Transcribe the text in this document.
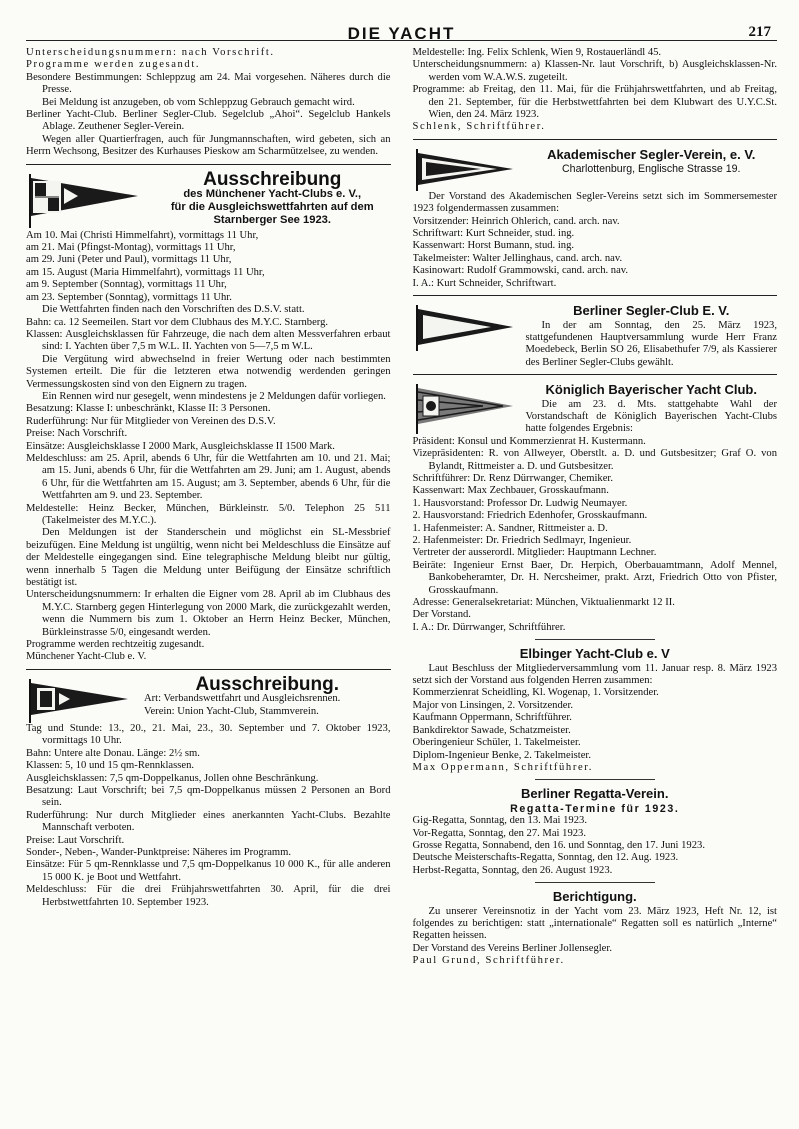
DIE YACHT	217

Unterscheidungsnummern: nach Vorschrift.

Programme werden zugesandt.

Besondere Bestimmungen: Schleppzug am 24. Mai vorgesehen. Näheres durch die Presse.

Bei Meldung ist anzugeben, ob vom Schleppzug Gebrauch gemacht wird.

Berliner Yacht-Club. Berliner Segler-Club. Segelclub „Ahoi“. Segelclub Hankels Ablage. Zeuthener Segler-Verein.

Wegen aller Quartierfragen, auch für Jungmannschaften, wird gebeten, sich an Herrn Wechsong, Besitzer des Kurhauses Pieskow am Scharmützelsee, zu wenden.

Ausschreibung
des Münchener Yacht-Clubs e. V.,
für die Ausgleichswettfahrten auf dem
Starnberger See 1923.
Am 10. Mai (Christi Himmelfahrt), vormittags 11 Uhr,
am 21. Mai (Pfingst-Montag), vormittags 11 Uhr,
am 29. Juni (Peter und Paul), vormittags 11 Uhr,
am 15. August (Maria Himmelfahrt), vormittags 11 Uhr,
am 9. September (Sonntag), vormittags 11 Uhr,
am 23. September (Sonntag), vormittags 11 Uhr.

Die Wettfahrten finden nach den Vorschriften des D.S.V. statt.

Bahn: ca. 12 Seemeilen. Start vor dem Clubhaus des M.Y.C. Starnberg.

Klassen: Ausgleichsklassen für Fahrzeuge, die nach dem alten Messverfahren erbaut sind: I. Yachten über 7,5 m W.L. II. Yachten von 5—7,5 m W.L.

Die Vergütung wird abwechselnd in freier Wertung oder nach bestimmten Systemen erteilt. Die für die letzteren etwa notwendig werdenden geringen Vermessungskosten sind von den Eignern zu tragen.

Ein Rennen wird nur gesegelt, wenn mindestens je 2 Meldungen dafür vorliegen.

Besatzung: Klasse I: unbeschränkt, Klasse II: 3 Personen.

Ruderführung: Nur für Mitglieder von Vereinen des D.S.V.

Preise: Nach Vorschrift.

Einsätze: Ausgleichsklasse I 2000 Mark, Ausgleichsklasse II 1500 Mark.

Meldeschluss: am 25. April, abends 6 Uhr, für die Wettfahrten am 10. und 21. Mai; am 15. Juni, abends 6 Uhr, für die Wettfahrten am 29. Juni; am 1. August, abends 6 Uhr, für die Wettfahrten am 15. August; am 3. September, abends 6 Uhr, für die Wettfahrten am 9. und 23. September.

Meldestelle: Heinz Becker, München, Bürkleinstr. 5/0. Telephon 25 511 (Takelmeister des M.Y.C.).

Den Meldungen ist der Standerschein und möglichst ein SL-Messbrief beizufügen. Eine Meldung ist ungültig, wenn nicht bei Meldeschluss die Einsätze auf der Meldestelle eingegangen sind. Eine telegraphische Meldung bleibt nur gültig, wenn innerhalb 5 Tagen die Meldung unter Beifügung der Einsätze schriftlich bestätigt ist.

Unterscheidungsnummern: Ir erhalten die Eigner vom 28. April ab im Clubhaus des M.Y.C. Starnberg gegen Hinterlegung von 2000 Mark, die zurückgezahlt werden, wenn die Nummern bis zum 1. Oktober an Herrn Heinz Becker, München, Bürkleinstrasse 5/0, eingesandt werden.

Programme werden rechtzeitig zugesandt.

Münchener Yacht-Club e. V.

Ausschreibung.

Art: Verbandswettfahrt und Ausgleichsrennen.

Verein: Union Yacht-Club, Stammverein.

Tag und Stunde: 13., 20., 21. Mai, 23., 30. September und 7. Oktober 1923, vormittags 10 Uhr.

Bahn: Untere alte Donau. Länge: 2½ sm.

Klassen: 5, 10 und 15 qm-Rennklassen.

Ausgleichsklassen: 7,5 qm-Doppelkanus, Jollen ohne Beschränkung.

Besatzung: Laut Vorschrift; bei 7,5 qm-Doppelkanus müssen 2 Personen an Bord sein.

Ruderführung: Nur durch Mitglieder eines anerkannten Yacht-Clubs. Bezahlte Mannschaft verboten.

Preise: Laut Vorschrift.

Sonder-, Neben-, Wander-Punktpreise: Näheres im Programm.

Einsätze: Für 5 qm-Rennklasse und 7,5 qm-Doppelkanus 10 000 K., für alle anderen 15 000 K. je Boot und Wettfahrt.

Meldeschluss: Für die drei Frühjahrswettfahrten 30. April, für die drei Herbstwettfahrten 10. September 1923.

Meldestelle: Ing. Felix Schlenk, Wien 9, Rostauerländl 45.

Unterscheidungsnummern: a) Klassen-Nr. laut Vorschrift, b) Ausgleichsklassen-Nr. werden vom W.A.W.S. zugeteilt.

Programme: ab Freitag, den 11. Mai, für die Frühjahrswettfahrten, und ab Freitag, den 21. September, für die Herbstwettfahrten bei dem Klubwart des U.Y.C.St. Wien, den 24. März 1923.

Schlenk, Schriftführer.

Akademischer Segler-Verein, e. V.
Charlottenburg, Englische Strasse 19.

Der Vorstand des Akademischen Segler-Vereins setzt sich im Sommersemester 1923 folgendermassen zusammen:

Vorsitzender: Heinrich Ohlerich, cand. arch. nav.
Schriftwart: Kurt Schneider, stud. ing.
Kassenwart: Horst Bumann, stud. ing.
Takelmeister: Walter Jellinghaus, cand. arch. nav.
Kasinowart: Rudolf Grammowski, cand. arch. nav.

I. A.: Kurt Schneider, Schriftwart.

Berliner Segler-Club E. V.

In der am Sonntag, den 25. März 1923, stattgefundenen Hauptversammlung wurde Herr Franz Moedebeck, Berlin SO 26, Elisabethufer 7/9, als Kassierer des Berliner Segler-Clubs gewählt.

Königlich Bayerischer Yacht Club.

Die am 23. d. Mts. stattgehabte Wahl der Vorstandschaft de Königlich Bayerischen Yacht-Clubs hatte folgendes Ergebnis:

Präsident: Konsul und Kommerzienrat H. Kustermann.

Vizepräsidenten: R. von Allweyer, Oberstlt. a. D. und Gutsbesitzer; Graf O. von Bylandt, Rittmeister a. D. und Gutsbesitzer.

Schriftführer: Dr. Renz Dürrwanger, Chemiker.

Kassenwart: Max Zechbauer, Grosskaufmann.

1. Hausvorstand: Professor Dr. Ludwig Neumayer.

2. Hausvorstand: Friedrich Edenhofer, Grosskaufmann.

1. Hafenmeister: A. Sandner, Rittmeister a. D.

2. Hafenmeister: Dr. Friedrich Sedlmayr, Ingenieur.

Vertreter der ausserordl. Mitglieder: Hauptmann Lechner.

Beiräte: Ingenieur Ernst Baer, Dr. Herpich, Oberbauamtmann, Adolf Mennel, Bankobeheramter, Dr. H. Nercsheimer, prakt. Arzt, Friedrich Otto von Pfister, Grosskaufmann.

Adresse: Generalsekretariat: München, Viktualienmarkt 12 II.

Der Vorstand.

I. A.: Dr. Dürrwanger, Schriftführer.

Elbinger Yacht-Club e. V

Laut Beschluss der Mitgliederversammlung vom 11. Januar resp. 8. März 1923 setzt sich der Vorstand aus folgenden Herren zusammen:

Kommerzienrat Scheidling, Kl. Wogenap, 1. Vorsitzender.
Major von Linsingen, 2. Vorsitzender.
Kaufmann Oppermann, Schriftführer.
Bankdirektor Sawade, Schatzmeister.
Oberingenieur Schüler, 1. Takelmeister.
Diplom-Ingenieur Benke, 2. Takelmeister.

Max Oppermann, Schriftführer.

Berliner Regatta-Verein.
Regatta-Termine für 1923.

Gig-Regatta, Sonntag, den 13. Mai 1923.

Vor-Regatta, Sonntag, den 27. Mai 1923.

Grosse Regatta, Sonnabend, den 16. und Sonntag, den 17. Juni 1923.

Deutsche Meisterschafts-Regatta, Sonntag, den 12. Aug. 1923.

Herbst-Regatta, Sonntag, den 26. August 1923.

Berichtigung.

Zu unserer Vereinsnotiz in der Yacht vom 23. März 1923, Heft Nr. 12, ist folgendes zu berichtigen: statt „internationale“ Regatten soll es natürlich „Interne“ Regatten heissen.

Der Vorstand des Vereins Berliner Jollensegler.

Paul Grund, Schriftführer.
